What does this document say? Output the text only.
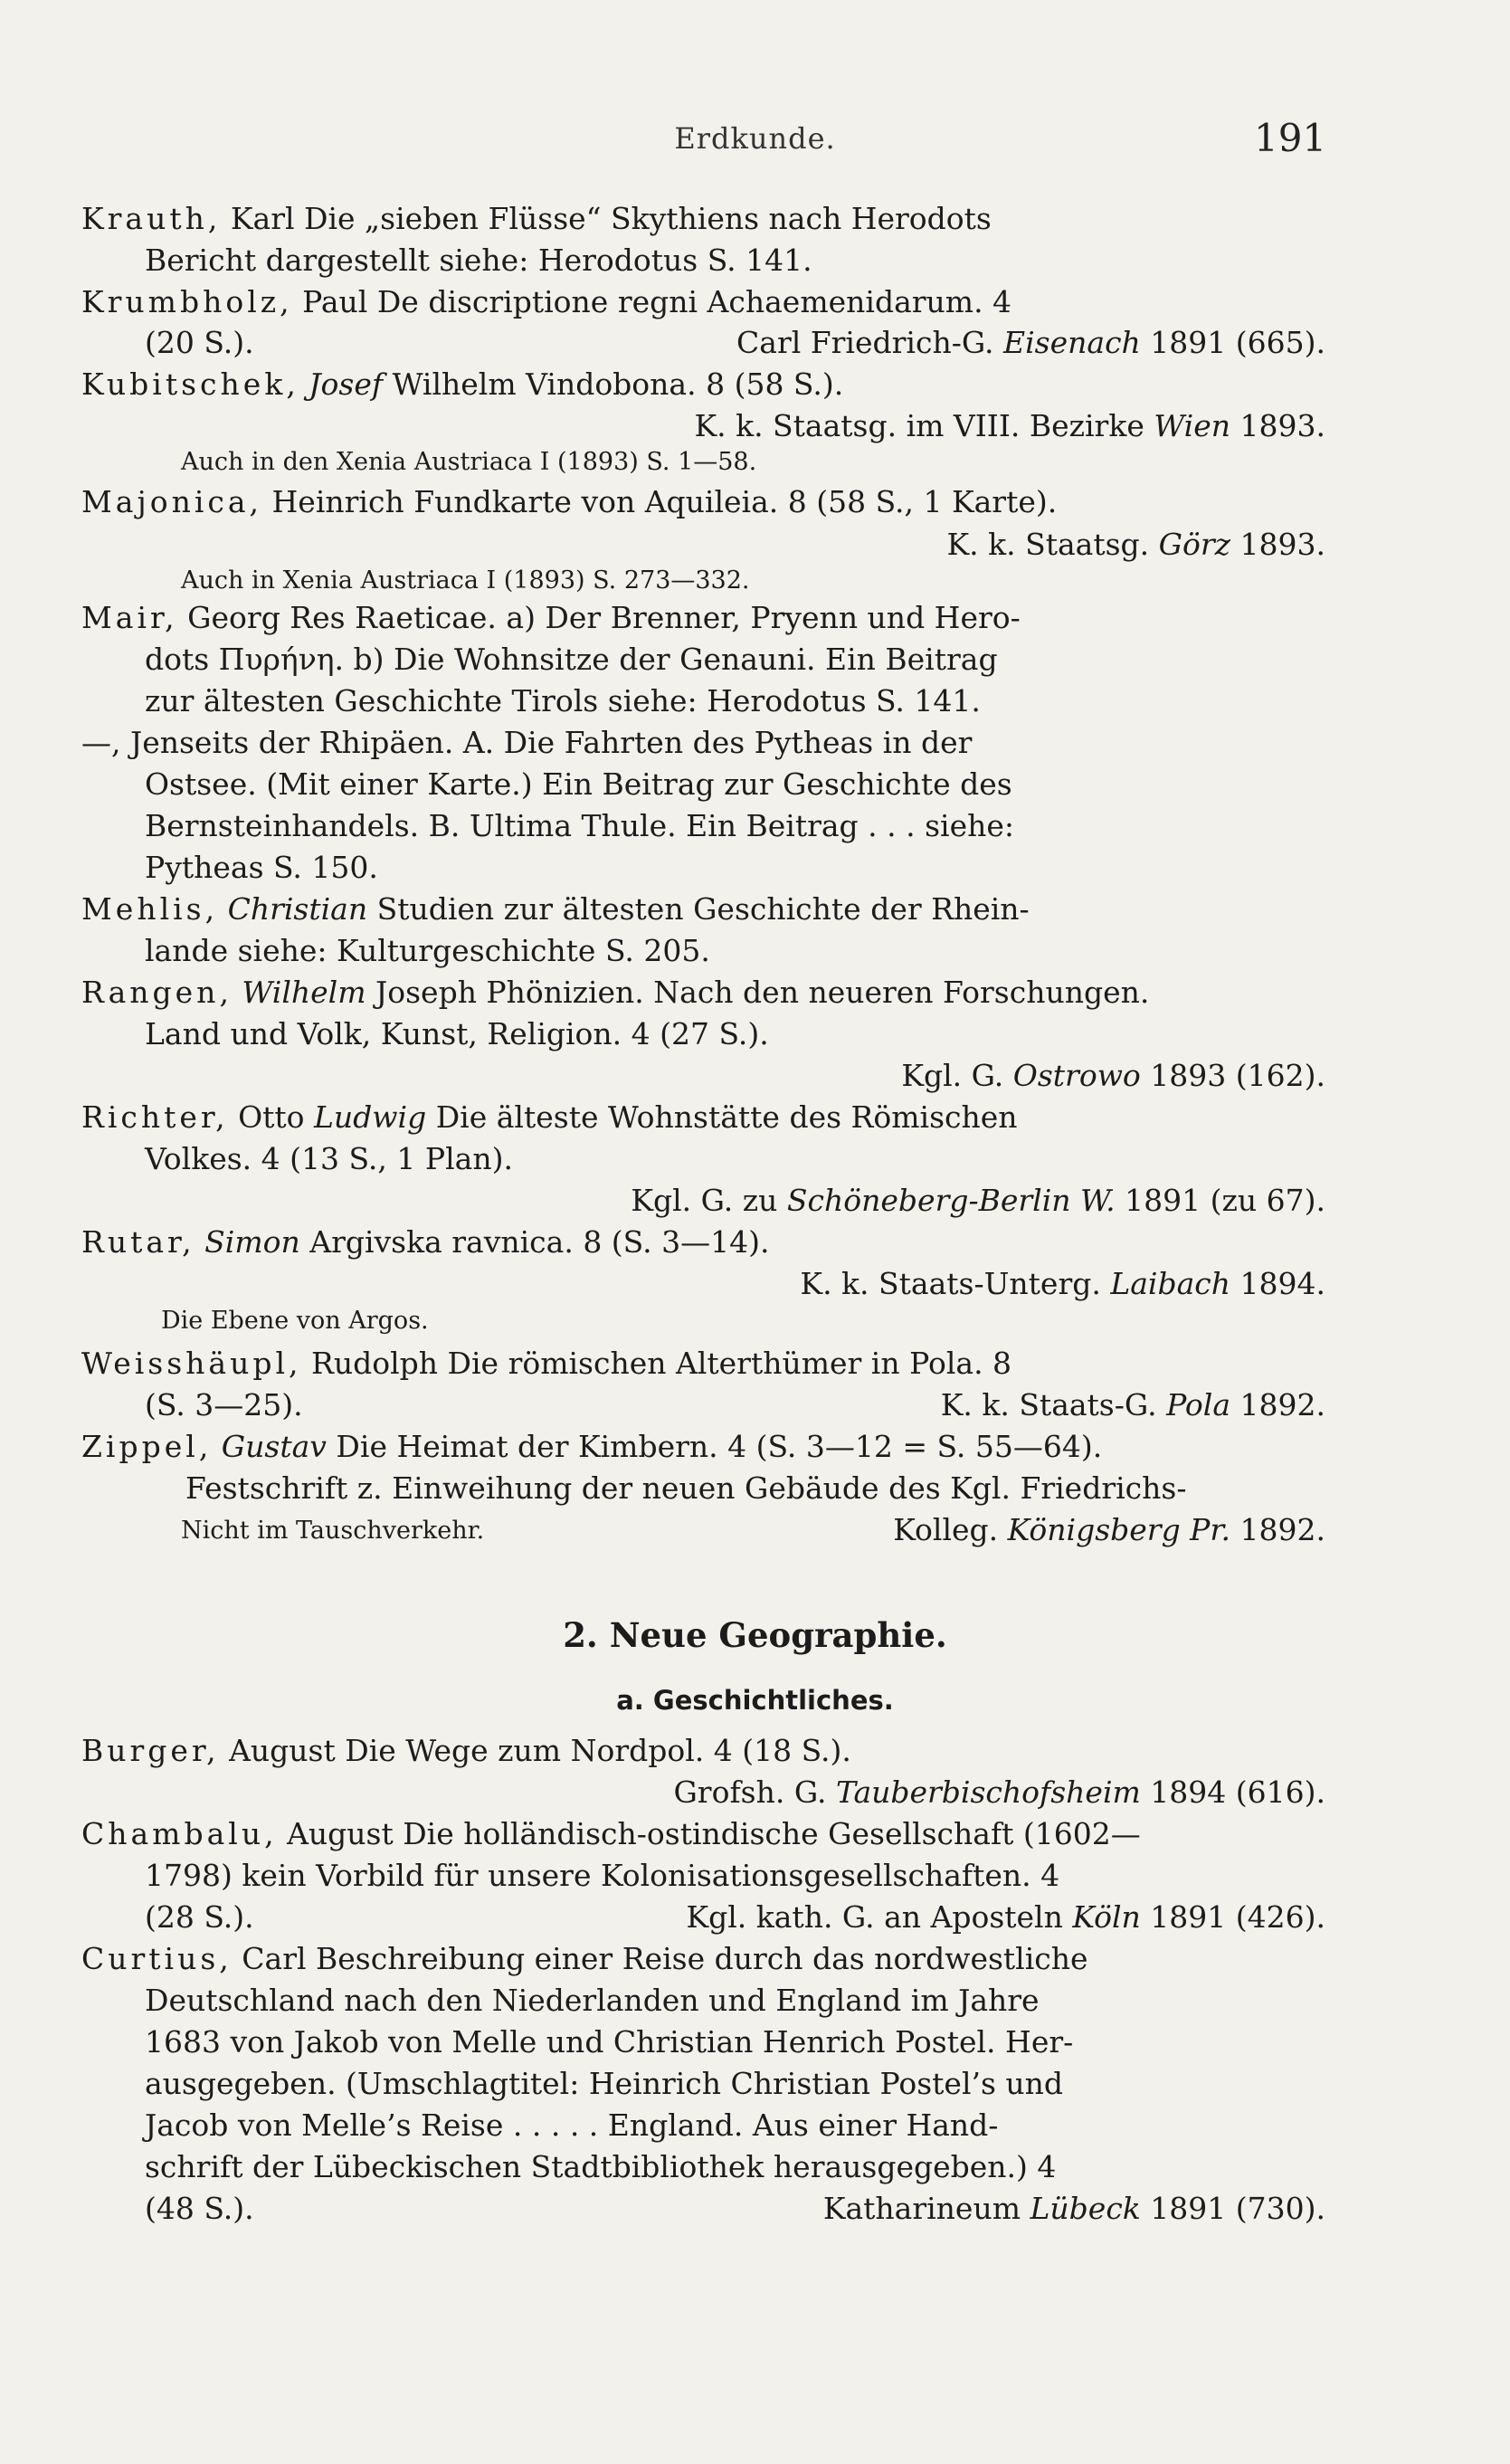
Erdkunde.	191
Krauth, Karl Die „sieben Flüsse“ Skythiens nach Herodots
Bericht dargestellt siehe: Herodotus S. 141.
Krumbholz, Paul De discriptione regni Achaemenidarum. 4
(20 S.).	Carl Friedrich-G. Eisenach 1891 (665).
Kubitschek, Josef Wilhelm Vindobona. 8 (58 S.).
K. k. Staatsg. im VIII. Bezirke Wien 1893.
Auch in den Xenia Austriaca I (1893) S. 1—58.
Majonica, Heinrich Fundkarte von Aquileia. 8 (58 S., 1 Karte).
K. k. Staatsg. Görz 1893.
Auch in Xenia Austriaca I (1893) S. 273—332.
Mair, Georg Res Raeticae. a) Der Brenner, Pryenn und Hero-
dots Πυρήνη. b) Die Wohnsitze der Genauni. Ein Beitrag
zur ältesten Geschichte Tirols siehe: Herodotus S. 141.
—, Jenseits der Rhipäen. A. Die Fahrten des Pytheas in der
Ostsee. (Mit einer Karte.) Ein Beitrag zur Geschichte des
Bernsteinhandels. B. Ultima Thule. Ein Beitrag . . . siehe:
Pytheas S. 150.
Mehlis, Christian Studien zur ältesten Geschichte der Rhein-
lande siehe: Kulturgeschichte S. 205.
Rangen, Wilhelm Joseph Phönizien. Nach den neueren Forschungen.
Land und Volk, Kunst, Religion. 4 (27 S.).
Kgl. G. Ostrowo 1893 (162).
Richter, Otto Ludwig Die älteste Wohnstätte des Römischen
Volkes. 4 (13 S., 1 Plan).
Kgl. G. zu Schöneberg-Berlin W. 1891 (zu 67).
Rutar, Simon Argivska ravnica. 8 (S. 3—14).
K. k. Staats-Unterg. Laibach 1894.
Die Ebene von Argos.
Weisshäupl, Rudolph Die römischen Alterthümer in Pola. 8
(S. 3—25).	K. k. Staats-G. Pola 1892.
Zippel, Gustav Die Heimat der Kimbern. 4 (S. 3—12 = S. 55—64).
Festschrift z. Einweihung der neuen Gebäude des Kgl. Friedrichs-
Nicht im Tauschverkehr.	Kolleg. Königsberg Pr. 1892.
2. Neue Geographie.
a. Geschichtliches.
Burger, August Die Wege zum Nordpol. 4 (18 S.).
Grofsh. G. Tauberbischofsheim 1894 (616).
Chambalu, August Die holländisch-ostindische Gesellschaft (1602—
1798) kein Vorbild für unsere Kolonisationsgesellschaften. 4
(28 S.).	Kgl. kath. G. an Aposteln Köln 1891 (426).
Curtius, Carl Beschreibung einer Reise durch das nordwestliche
Deutschland nach den Niederlanden und England im Jahre
1683 von Jakob von Melle und Christian Henrich Postel. Her-
ausgegeben. (Umschlagtitel: Heinrich Christian Postel’s und
Jacob von Melle’s Reise . . . . . England. Aus einer Hand-
schrift der Lübeckischen Stadtbibliothek herausgegeben.) 4
(48 S.).	Katharineum Lübeck 1891 (730).
